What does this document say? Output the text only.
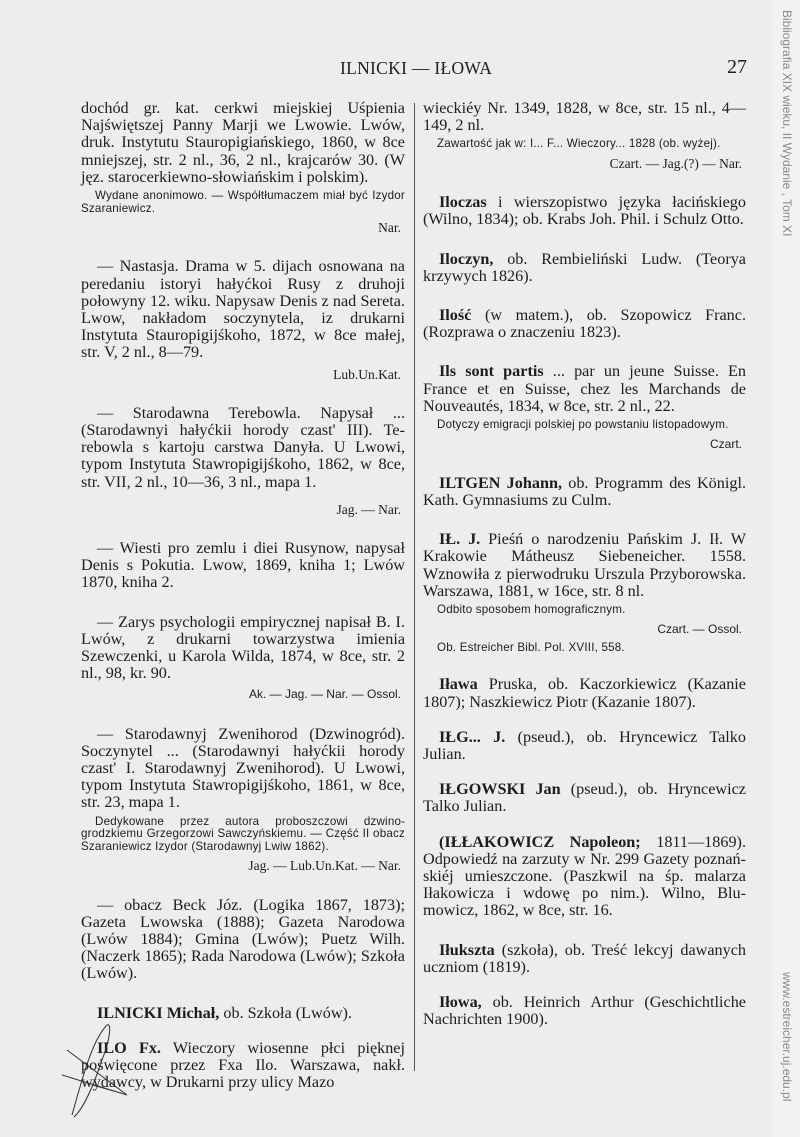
ILNICKI — IŁOWA	27

dochód gr. kat. cerkwi miejskiej Uśpienia Najświętszej Panny Marji we Lwowie. Lwów, druk. Instytutu Stauropigiańskiego, 1860, w 8ce mniejszej, str. 2 nl., 36, 2 nl., krajcarów 30. (W jęz. starocerkiewno-słowiańskim i polskim).

Wydane anonimowo. — Współtłumaczem miał być Izydor Szaraniewicz.
Nar.

— Nastasja. Drama w 5. dijach osnowana na peredaniu istoryi hałyćkoi Rusy z druhoji połowyny 12. wiku. Napysaw Denis z nad Sereta. Lwow, nakładom soczynytela, iz drukarni Instytuta Stauropigijśkoho, 1872, w 8ce małej, str. V, 2 nl., 8—79.

Lub.Un.Kat.

— Starodawna Terebowla. Napysał ... (Starodawnyi hałyćkii horody czast' III). Terebowla s kartoju carstwa Danyła. U Lwowi, typom Instytuta Stawropigijśkoho, 1862, w 8ce, str. VII, 2 nl., 10—36, 3 nl., mapa 1.

Jag. — Nar.

— Wiesti pro zemlu i diei Rusynow, napysał Denis s Pokutia. Lwow, 1869, kniha 1; Lwów 1870, kniha 2.

— Zarys psychologii empirycznej napisał B. I. Lwów, z drukarni towarzystwa imienia Szewczenki, u Karola Wilda, 1874, w 8ce, str. 2 nl., 98, kr. 90.

Ak. — Jag. — Nar. — Ossol.

— Starodawnyj Zwenihorod (Dzwinogród). Soczynytel ... (Starodawnyi hałyćkii horody czast' I. Starodawnyj Zwenihorod). U Lwowi, typom Instytuta Stawropigijśkoho, 1861, w 8ce, str. 23, mapa 1.

Dedykowane przez autora proboszczowi dzwinogrodzkiemu Grzegorzowi Sawczyńskiemu. — Część II obacz Szaraniewicz Izydor (Starodawnyj Lwiw 1862).
Jag. — Lub.Un.Kat. — Nar.

— obacz Beck Józ. (Logika 1867, 1873); Gazeta Lwowska (1888); Gazeta Narodowa (Lwów 1884); Gmina (Lwów); Puetz Wilh. (Naczerk 1865); Rada Narodowa (Lwów); Szkoła (Lwów).

ILNICKI Michał, ob. Szkoła (Lwów).

ILO Fx. Wieczory wiosenne płci pięknej poświęcone przez Fxa Ilo. Warszawa, nakł. wydawcy, w Drukarni przy ulicy Mazo

wieckiéy Nr. 1349, 1828, w 8ce, str. 15 nl., 4—149, 2 nl.

Zawartość jak w: I... F... Wieczory... 1828 (ob. wyżej).
Czart. — Jag.(?) — Nar.

Iloczas i wierszopistwo języka łacińskiego (Wilno, 1834); ob. Krabs Joh. Phil. i Schulz Otto.

Iloczyn, ob. Rembieliński Ludw. (Teorya krzywych 1826).

Ilość (w matem.), ob. Szopowicz Franc. (Rozprawa o znaczeniu 1823).

Ils sont partis ... par un jeune Suisse. En France et en Suisse, chez les Marchands de Nouveautés, 1834, w 8ce, str. 2 nl., 22.

Dotyczy emigracji polskiej po powstaniu listopadowym.
Czart.

ILTGEN Johann, ob. Programm des Königl. Kath. Gymnasiums zu Culm.

IŁ. J. Pieśń o narodzeniu Pańskim J. Ił. W Krakowie Mátheusz Siebeneicher. 1558. Wznowiła z pierwodruku Urszula Przyborowska. Warszawa, 1881, w 16ce, str. 8 nl.

Odbito sposobem homograficznym.
Czart. — Ossol.
Ob. Estreicher Bibl. Pol. XVIII, 558.

Iława Pruska, ob. Kaczorkiewicz (Kazanie 1807); Naszkiewicz Piotr (Kazanie 1807).

IŁG... J. (pseud.), ob. Hryncewicz Talko Julian.

IŁGOWSKI Jan (pseud.), ob. Hryncewicz Talko Julian.

(IŁŁAKOWICZ Napoleon; 1811—1869). Odpowiedź na zarzuty w Nr. 299 Gazety poznańskiéj umieszczone. (Paszkwil na śp. malarza Iłakowicza i wdowę po nim.). Wilno, Blumowicz, 1862, w 8ce, str. 16.

Iłukszta (szkoła), ob. Treść lekcyj dawanych uczniom (1819).

Iłowa, ob. Heinrich Arthur (Geschichtliche Nachrichten 1900).

Bibliografia XIX wieku, II Wydanie , Tom XI
www.estreicher.uj.edu.pl
